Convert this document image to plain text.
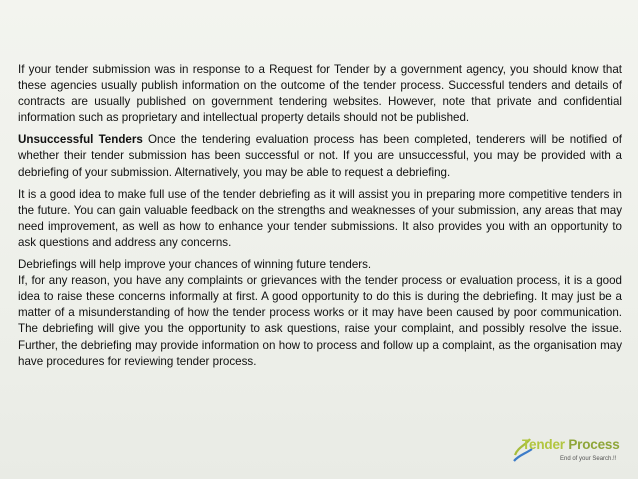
If your tender submission was in response to a Request for Tender by a government agency, you should know that these agencies usually publish information on the outcome of the tender process. Successful tenders and details of contracts are usually published on government tendering websites. However, note that private and confidential information such as proprietary and intellectual property details should not be published.

Unsuccessful Tenders Once the tendering evaluation process has been completed, tenderers will be notified of whether their tender submission has been successful or not. If you are unsuccessful, you may be provided with a debriefing of your submission. Alternatively, you may be able to request a debriefing.

It is a good idea to make full use of the tender debriefing as it will assist you in preparing more competitive tenders in the future. You can gain valuable feedback on the strengths and weaknesses of your submission, any areas that may need improvement, as well as how to enhance your tender submissions. It also provides you with an opportunity to ask questions and address any concerns.

Debriefings will help improve your chances of winning future tenders.

If, for any reason, you have any complaints or grievances with the tender process or evaluation process, it is a good idea to raise these concerns informally at first. A good opportunity to do this is during the debriefing. It may just be a matter of a misunderstanding of how the tender process works or it may have been caused by poor communication. The debriefing will give you the opportunity to ask questions, raise your complaint, and possibly resolve the issue. Further, the debriefing may provide information on how to process and follow up a complaint, as the organisation may have procedures for reviewing tender process.

Tender Process
End of your Search.!!
